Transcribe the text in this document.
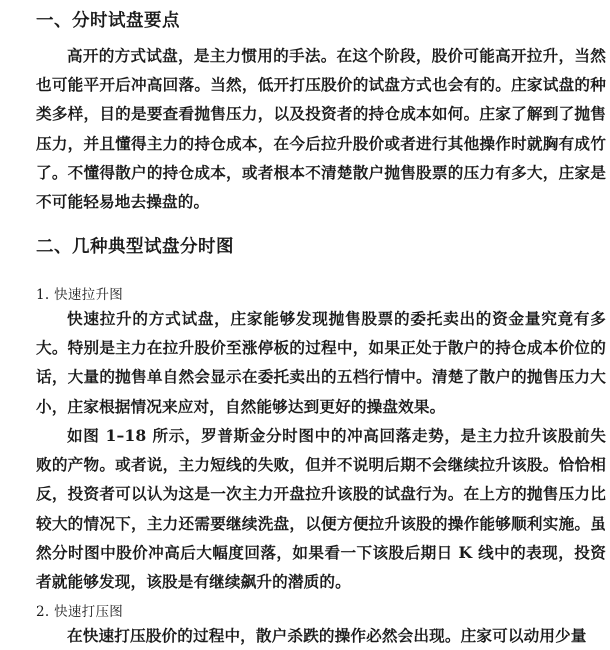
一、分时试盘要点

高开的方式试盘，是主力惯用的手法。在这个阶段，股价可能高开拉升，当然也可能平开后冲高回落。当然，低开打压股价的试盘方式也会有的。庄家试盘的种类多样，目的是要查看抛售压力，以及投资者的持仓成本如何。庄家了解到了抛售压力，并且懂得主力的持仓成本，在今后拉升股价或者进行其他操作时就胸有成竹了。不懂得散户的持仓成本，或者根本不清楚散户抛售股票的压力有多大，庄家是不可能轻易地去操盘的。

二、几种典型试盘分时图
1. 快速拉升图

快速拉升的方式试盘，庄家能够发现抛售股票的委托卖出的资金量究竟有多大。特别是主力在拉升股价至涨停板的过程中，如果正处于散户的持仓成本价位的话，大量的抛售单自然会显示在委托卖出的五档行情中。清楚了散户的抛售压力大小，庄家根据情况来应对，自然能够达到更好的操盘效果。

如图 1–18 所示，罗普斯金分时图中的冲高回落走势，是主力拉升该股前失败的产物。或者说，主力短线的失败，但并不说明后期不会继续拉升该股。恰恰相反，投资者可以认为这是一次主力开盘拉升该股的试盘行为。在上方的抛售压力比较大的情况下，主力还需要继续洗盘，以便方便拉升该股的操作能够顺利实施。虽然分时图中股价冲高后大幅度回落，如果看一下该股后期日 K 线中的表现，投资者就能够发现，该股是有继续飙升的潜质的。

2. 快速打压图

在快速打压股价的过程中，散户杀跌的操作必然会出现。庄家可以动用少量
